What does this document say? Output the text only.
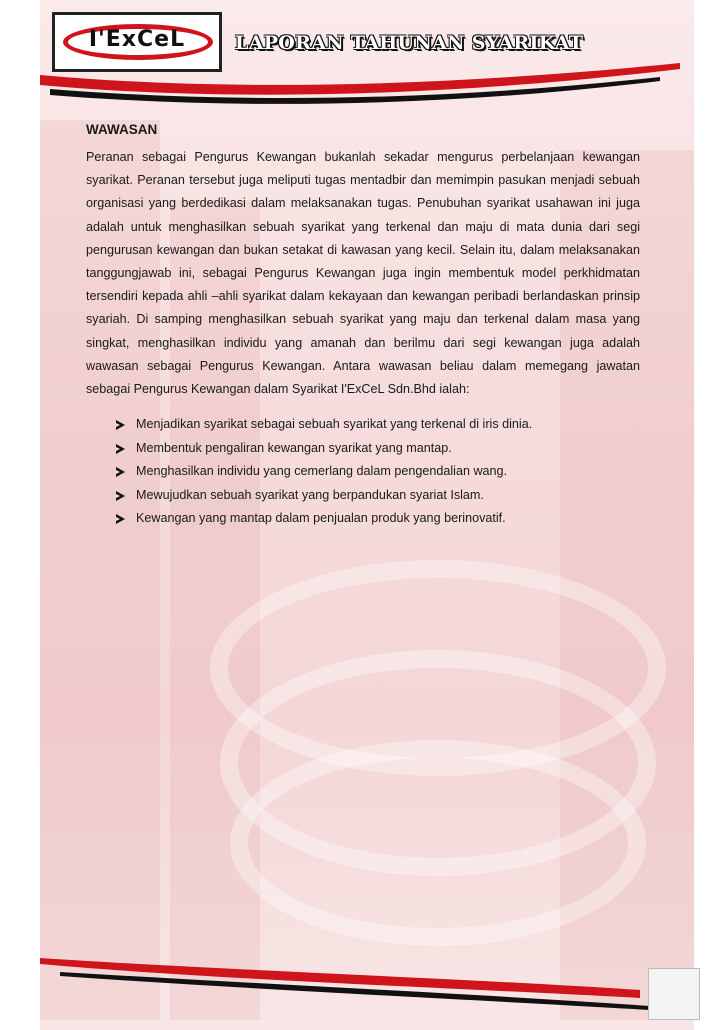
I'ExCeL	LAPORAN TAHUNAN SYARIKAT
WAWASAN

Peranan sebagai Pengurus Kewangan bukanlah sekadar mengurus perbelanjaan kewangan syarikat. Peranan tersebut juga meliputi tugas mentadbir dan memimpin pasukan menjadi sebuah organisasi yang berdedikasi dalam melaksanakan tugas. Penubuhan syarikat usahawan ini juga adalah untuk menghasilkan sebuah syarikat yang terkenal dan maju di mata dunia dari segi pengurusan kewangan dan bukan setakat di kawasan yang kecil. Selain itu, dalam melaksanakan tanggungjawab ini, sebagai Pengurus Kewangan juga ingin membentuk model perkhidmatan tersendiri kepada ahli –ahli syarikat dalam kekayaan dan kewangan peribadi berlandaskan prinsip syariah. Di samping menghasilkan sebuah syarikat yang maju dan terkenal dalam masa yang singkat, menghasilkan individu yang amanah dan berilmu dari segi kewangan juga adalah wawasan sebagai Pengurus Kewangan. Antara wawasan beliau dalam memegang jawatan sebagai Pengurus Kewangan dalam Syarikat I'ExCeL Sdn.Bhd ialah:

Menjadikan syarikat sebagai sebuah syarikat yang terkenal di iris dinia.
Membentuk pengaliran kewangan syarikat yang mantap.
Menghasilkan individu yang cemerlang dalam pengendalian wang.
Mewujudkan sebuah syarikat yang berpandukan syariat Islam.
Kewangan yang mantap dalam penjualan produk yang berinovatif.
